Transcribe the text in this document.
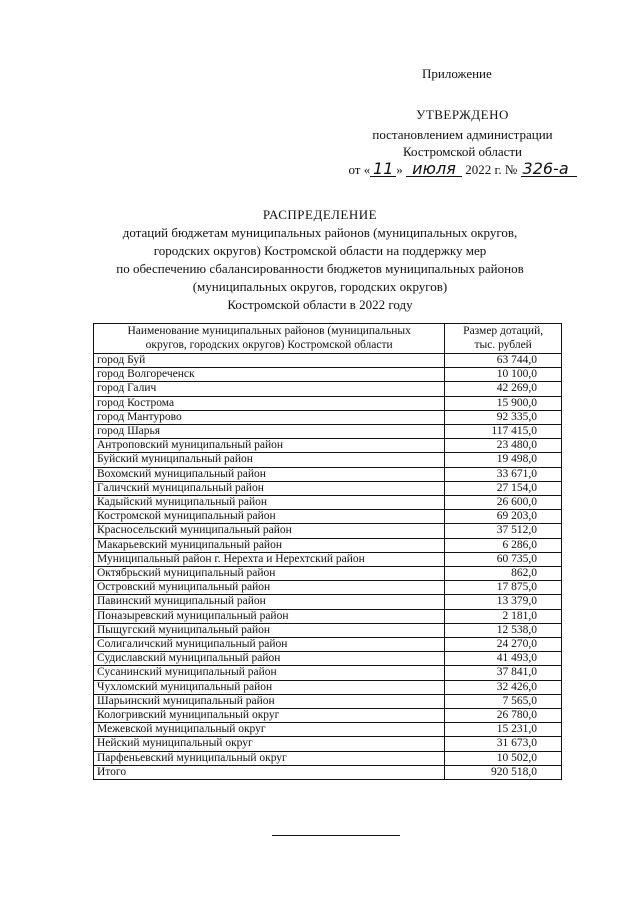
Приложение
УТВЕРЖДЕНО
постановлением администрации
Костромской области
от « 11 » июля 2022 г. № 326-а
РАСПРЕДЕЛЕНИЕ
дотаций бюджетам муниципальных районов (муниципальных округов,
городских округов) Костромской области на поддержку мер
по обеспечению сбалансированности бюджетов муниципальных районов
(муниципальных округов, городских округов)
Костромской области в 2022 году
Наименование муниципальных районов (муниципальных
округов, городских округов) Костромской области	Размер дотаций,
тыс. рублей
город Буй	63 744,0
город Волгореченск	10 100,0
город Галич	42 269,0
город Кострома	15 900,0
город Мантурово	92 335,0
город Шарья	117 415,0
Антроповский муниципальный район	23 480,0
Буйский муниципальный район	19 498,0
Вохомский муниципальный район	33 671,0
Галичский муниципальный район	27 154,0
Кадыйский муниципальный район	26 600,0
Костромской муниципальный район	69 203,0
Красносельский муниципальный район	37 512,0
Макарьевский муниципальный район	6 286,0
Муниципальный район г. Нерехта и Нерехтский район	60 735,0
Октябрьский муниципальный район	862,0
Островский муниципальный район	17 875,0
Павинский муниципальный район	13 379,0
Поназыревский муниципальный район	2 181,0
Пыщугский муниципальный район	12 538,0
Солигаличский муниципальный район	24 270,0
Судиславский муниципальный район	41 493,0
Сусанинский муниципальный район	37 841,0
Чухломский муниципальный район	32 426,0
Шарьинский муниципальный район	7 565,0
Кологривский муниципальный округ	26 780,0
Межевской муниципальный округ	15 231,0
Нейский муниципальный округ	31 673,0
Парфеньевский муниципальный округ	10 502,0
Итого	920 518,0
